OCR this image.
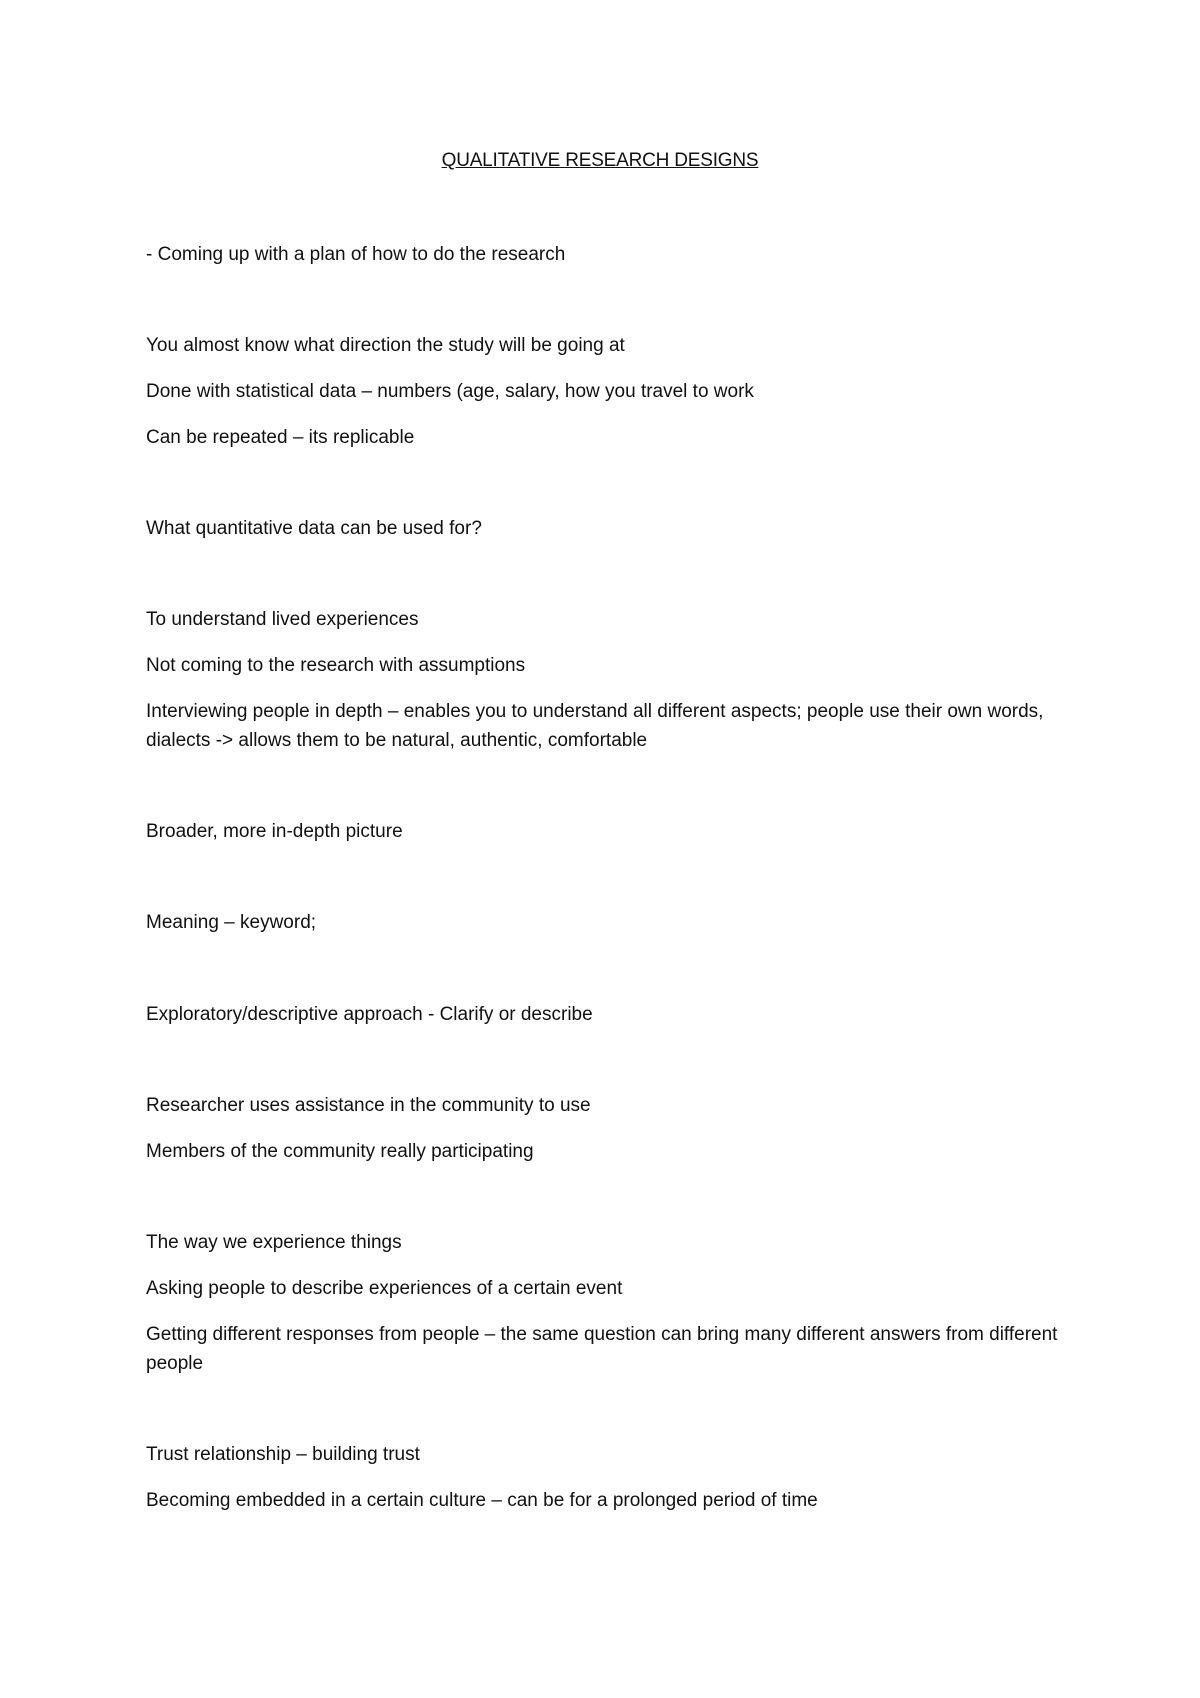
QUALITATIVE RESEARCH DESIGNS
- Coming up with a plan of how to do the research
You almost know what direction the study will be going at
Done with statistical data – numbers (age, salary, how you travel to work
Can be repeated – its replicable
What quantitative data can be used for?
To understand lived experiences
Not coming to the research with assumptions
Interviewing people in depth – enables you to understand all different aspects; people use their own words, dialects -> allows them to be natural, authentic, comfortable
Broader, more in-depth picture
Meaning – keyword;
Exploratory/descriptive approach - Clarify or describe
Researcher uses assistance in the community to use
Members of the community really participating
The way we experience things
Asking people to describe experiences of a certain event
Getting different responses from people – the same question can bring many different answers from different people
Trust relationship – building trust
Becoming embedded in a certain culture – can be for a prolonged period of time
